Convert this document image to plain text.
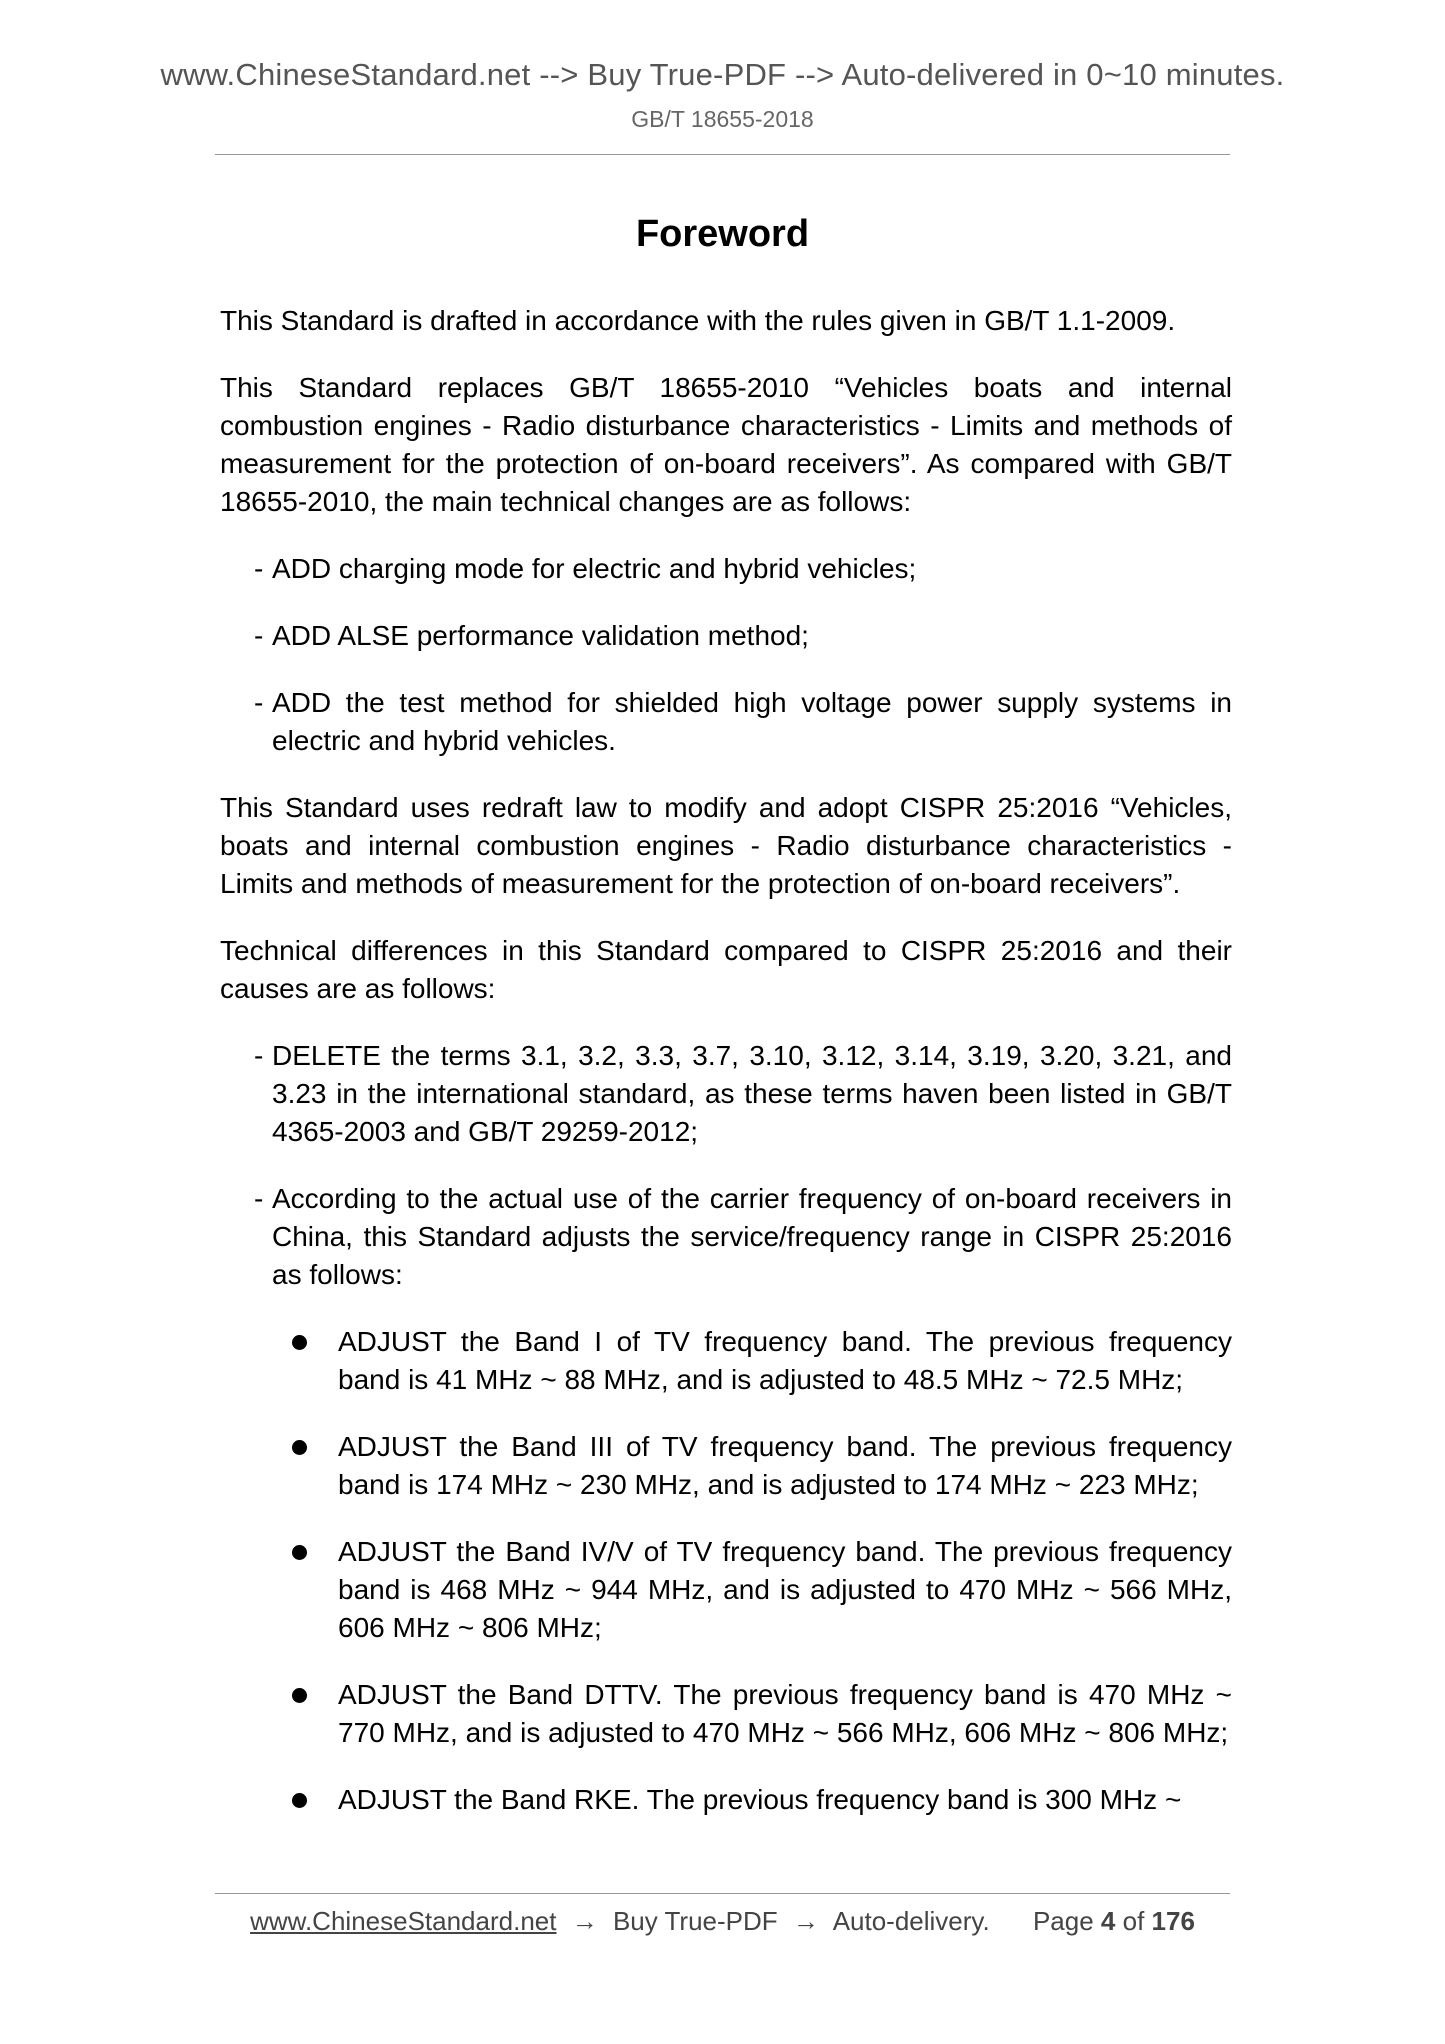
www.ChineseStandard.net --> Buy True-PDF --> Auto-delivered in 0~10 minutes.
GB/T 18655-2018
Foreword

This Standard is drafted in accordance with the rules given in GB/T 1.1-2009.

This Standard replaces GB/T 18655-2010 “Vehicles boats and internal combustion engines - Radio disturbance characteristics - Limits and methods of measurement for the protection of on-board receivers”. As compared with GB/T 18655-2010, the main technical changes are as follows:

- ADD charging mode for electric and hybrid vehicles;
- ADD ALSE performance validation method;
- ADD the test method for shielded high voltage power supply systems in electric and hybrid vehicles.

This Standard uses redraft law to modify and adopt CISPR 25:2016 “Vehicles, boats and internal combustion engines - Radio disturbance characteristics - Limits and methods of measurement for the protection of on-board receivers”.

Technical differences in this Standard compared to CISPR 25:2016 and their causes are as follows:

- DELETE the terms 3.1, 3.2, 3.3, 3.7, 3.10, 3.12, 3.14, 3.19, 3.20, 3.21, and 3.23 in the international standard, as these terms haven been listed in GB/T 4365-2003 and GB/T 29259-2012;
- According to the actual use of the carrier frequency of on-board receivers in China, this Standard adjusts the service/frequency range in CISPR 25:2016 as follows:
ADJUST the Band I of TV frequency band. The previous frequency band is 41 MHz ~ 88 MHz, and is adjusted to 48.5 MHz ~ 72.5 MHz;
ADJUST the Band III of TV frequency band. The previous frequency band is 174 MHz ~ 230 MHz, and is adjusted to 174 MHz ~ 223 MHz;
ADJUST the Band IV/V of TV frequency band. The previous frequency band is 468 MHz ~ 944 MHz, and is adjusted to 470 MHz ~ 566 MHz, 606 MHz ~ 806 MHz;
ADJUST the Band DTTV. The previous frequency band is 470 MHz ~ 770 MHz, and is adjusted to 470 MHz ~ 566 MHz, 606 MHz ~ 806 MHz;
ADJUST the Band RKE. The previous frequency band is 300 MHz ~
www.ChineseStandard.net → Buy True-PDF → Auto-delivery. Page 4 of 176
